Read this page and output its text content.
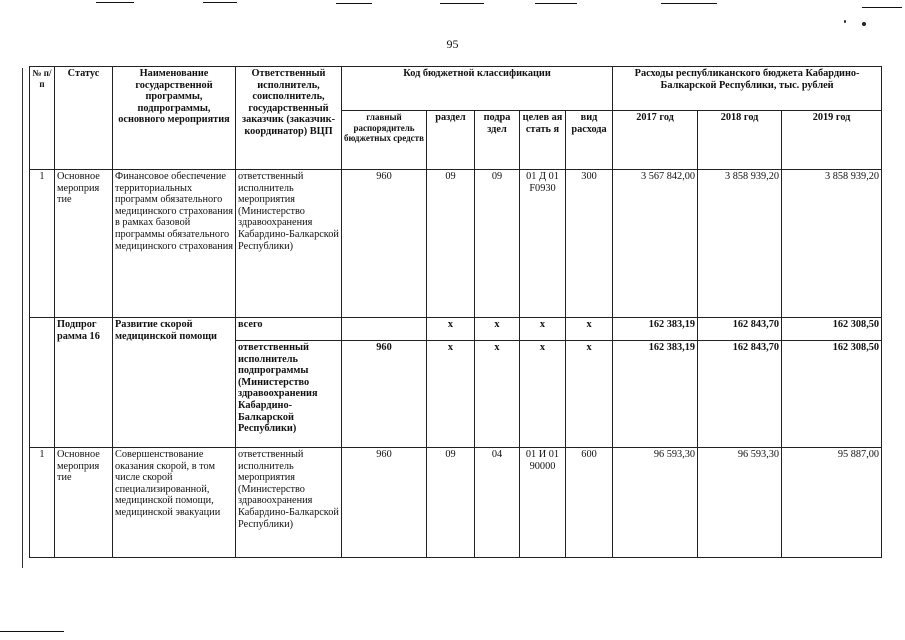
95
№ п/п	Статус	Наименование государственной программы, подпрограммы, основного мероприятия	Ответственный исполнитель, соисполнитель, государственный заказчик (заказчик-координатор) ВЦП	Код бюджетной классификации					Расходы республиканского бюджета Кабардино-Балкарской Республики, тыс. рублей		
				главный распорядитель бюджетных средств	раздел	подра здел	целев ая стать я	вид расхода	2017 год	2018 год	2019 год
1	Основное мероприя тие	Финансовое обеспечение территориальных программ обязательного медицинского страхования в рамках базовой программы обязательного медицинского страхования	ответственный исполнитель мероприятия (Министерство здравоохранения Кабардино-Балкарской Республики)	960	09	09	01 Д 01 F0930	300	3 567 842,00	3 858 939,20	3 858 939,20
	Подпрог рамма 16	Развитие скорой медицинской помощи	всего		x	x	x	x	162 383,19	162 843,70	162 308,50
			ответственный исполнитель подпрограммы (Министерство здравоохранения Кабардино-Балкарской Республики)	960	x	x	x	x	162 383,19	162 843,70	162 308,50
1	Основное мероприя тие	Совершенствование оказания скорой, в том числе скорой специализированной, медицинской помощи, медицинской эвакуации	ответственный исполнитель мероприятия (Министерство здравоохранения Кабардино-Балкарской Республики)	960	09	04	01 И 01 90000	600	96 593,30	96 593,30	95 887,00
